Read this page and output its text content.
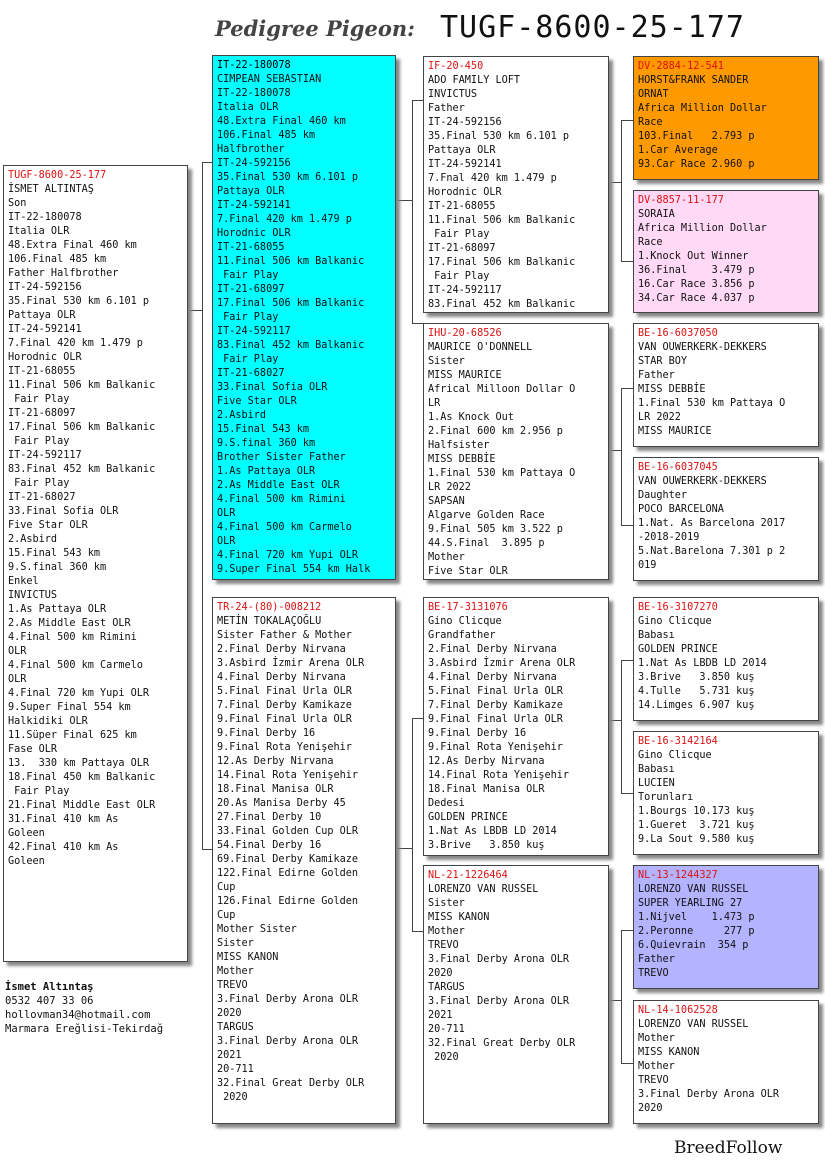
Pedigree Pigeon: TUGF-8600-25-177
TUGF-8600-25-177
İSMET ALTINTAŞ
Son
IT-22-180078
Italia OLR
48.Extra Final 460 km
106.Final 485 km
Father Halfbrother
IT-24-592156
35.Final 530 km 6.101 p
Pattaya OLR
IT-24-592141
7.Final 420 km 1.479 p
Horodnic OLR
IT-21-68055
11.Final 506 km Balkanic
Fair Play
IT-21-68097
17.Final 506 km Balkanic
Fair Play
IT-24-592117
83.Final 452 km Balkanic
Fair Play
IT-21-68027
33.Final Sofia OLR
Five Star OLR
2.Asbird
15.Final 543 km
9.S.final 360 km
Enkel
INVICTUS
1.As Pattaya OLR
2.As Middle East OLR
4.Final 500 km Rimini
OLR
4.Final 500 km Carmelo
OLR
4.Final 720 km Yupi OLR
9.Super Final 554 km
Halkidiki OLR
11.Süper Final 625 km
Fase OLR
13.  330 km Pattaya OLR
18.Final 450 km Balkanic
Fair Play
21.Final Middle East OLR
31.Final 410 km As
Goleen
42.Final 410 km As
Goleen
IT-22-180078
CIMPEAN SEBASTIAN
IT-22-180078
Italia OLR
48.Extra Final 460 km
106.Final 485 km
Halfbrother
IT-24-592156
35.Final 530 km 6.101 p
Pattaya OLR
IT-24-592141
7.Final 420 km 1.479 p
Horodnic OLR
IT-21-68055
11.Final 506 km Balkanic
Fair Play
IT-21-68097
17.Final 506 km Balkanic
Fair Play
IT-24-592117
83.Final 452 km Balkanic
Fair Play
IT-21-68027
33.Final Sofia OLR
Five Star OLR
2.Asbird
15.Final 543 km
9.S.final 360 km
Brother Sister Father
1.As Pattaya OLR
2.As Middle East OLR
4.Final 500 km Rimini
OLR
4.Final 500 km Carmelo
OLR
4.Final 720 km Yupi OLR
9.Super Final 554 km Halk
TR-24-(80)-008212
METİN TOKALAÇOĞLU
Sister Father & Mother
2.Final Derby Nirvana
3.Asbird İzmir Arena OLR
4.Final Derby Nirvana
5.Final Final Urla OLR
7.Final Derby Kamikaze
9.Final Final Urla OLR
9.Final Derby 16
9.Final Rota Yenişehir
12.As Derby Nirvana
14.Final Rota Yenişehir
18.Final Manisa OLR
20.As Manisa Derby 45
27.Final Derby 10
33.Final Golden Cup OLR
54.Final Derby 16
69.Final Derby Kamikaze
122.Final Edirne Golden
Cup
126.Final Edirne Golden
Cup
Mother Sister
Sister
MISS KANON
Mother
TREVO
3.Final Derby Arona OLR
2020
TARGUS
3.Final Derby Arona OLR
2021
20-711
32.Final Great Derby OLR
2020
IF-20-450
ADO FAMILY LOFT
INVICTUS
Father
IT-24-592156
35.Final 530 km 6.101 p
Pattaya OLR
IT-24-592141
7.Fnal 420 km 1.479 p
Horodnic OLR
IT-21-68055
11.Final 506 km Balkanic
Fair Play
IT-21-68097
17.Final 506 km Balkanic
Fair Play
IT-24-592117
83.Final 452 km Balkanic
IHU-20-68526
MAURICE O'DONNELL
Sister
MISS MAURICE
Africal Milloon Dollar O
LR
1.As Knock Out
2.Final 600 km 2.956 p
Halfsister
MISS DEBBİE
1.Final 530 km Pattaya O
LR 2022
SAPSAN
Algarve Golden Race
9.Final 505 km 3.522 p
44.S.Final  3.895 p
Mother
Five Star OLR
BE-17-3131076
Gino Clicque
Grandfather
2.Final Derby Nirvana
3.Asbird İzmir Arena OLR
4.Final Derby Nirvana
5.Final Final Urla OLR
7.Final Derby Kamikaze
9.Final Final Urla OLR
9.Final Derby 16
9.Final Rota Yenişehir
12.As Derby Nirvana
14.Final Rota Yenişehir
18.Final Manisa OLR
Dedesi
GOLDEN PRINCE
1.Nat As LBDB LD 2014
3.Brive   3.850 kuş
NL-21-1226464
LORENZO VAN RUSSEL
Sister
MISS KANON
Mother
TREVO
3.Final Derby Arona OLR
2020
TARGUS
3.Final Derby Arona OLR
2021
20-711
32.Final Great Derby OLR
2020
DV-2884-12-541
HORST&FRANK SANDER
ORNAT
Africa Million Dollar
Race
103.Final   2.793 p
1.Car Average
93.Car Race 2.960 p
DV-8857-11-177
SORAIA
Africa Million Dollar
Race
1.Knock Out Winner
36.Final    3.479 p
16.Car Race 3.856 p
34.Car Race 4.037 p
BE-16-6037050
VAN OUWERKERK-DEKKERS
STAR BOY
Father
MISS DEBBİE
1.Final 530 km Pattaya O
LR 2022
MISS MAURICE
BE-16-6037045
VAN OUWERKERK-DEKKERS
Daughter
POCO BARCELONA
1.Nat. As Barcelona 2017
-2018-2019
5.Nat.Barelona 7.301 p 2
019
BE-16-3107270
Gino Clicque
Babası
GOLDEN PRINCE
1.Nat As LBDB LD 2014
3.Brive   3.850 kuş
4.Tulle   5.731 kuş
14.Limges 6.907 kuş
BE-16-3142164
Gino Clicque
Babası
LUCIEN
Torunları
1.Bourgs 10.173 kuş
1.Gueret  3.721 kuş
9.La Sout 9.580 kuş
NL-13-1244327
LORENZO VAN RUSSEL
SUPER YEARLING 27
1.Nijvel    1.473 p
2.Peronne     277 p
6.Quievrain  354 p
Father
TREVO
NL-14-1062528
LORENZO VAN RUSSEL
Mother
MISS KANON
Mother
TREVO
3.Final Derby Arona OLR
2020
İsmet Altıntaş
0532 407 33 06
hollovman34@hotmail.com
Marmara Ereğlisi-Tekirdağ
BreedFollow
